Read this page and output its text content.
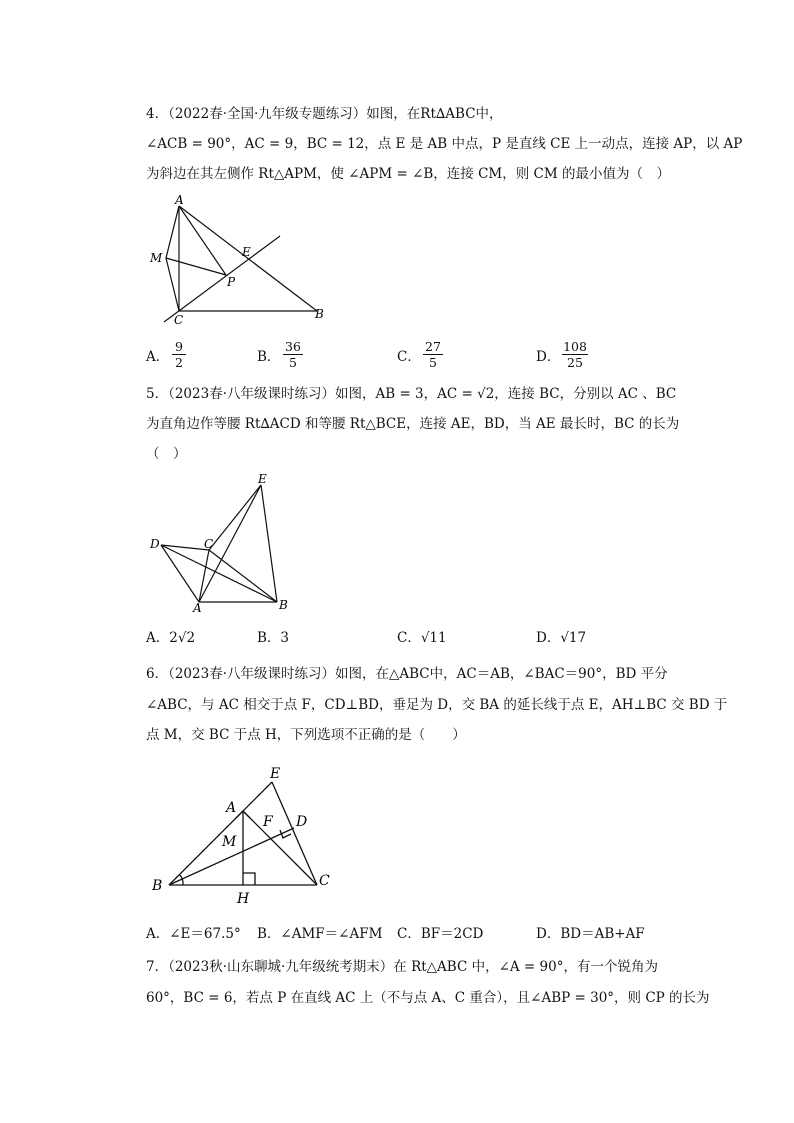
4．（2022春·全国·九年级专题练习）如图，在Rt∆ABC中，
∠ACB = 90°，AC = 9，BC = 12，点 E 是 AB 中点，P 是直线 CE 上一动点，连接 AP，以 AP
为斜边在其左侧作 Rt△APM，使 ∠APM = ∠B，连接 CM，则 CM 的最小值为（　）
A
M	E
P
C	B
A． $\frac{9}{2}$	B． $\frac{36}{5}$	C． $\frac{27}{5}$	D． $\frac{108}{25}$
5．（2023春·八年级课时练习）如图，AB = 3，AC = √2，连接 BC，分别以 AC 、BC
为直角边作等腰 Rt∆ACD 和等腰 Rt△BCE，连接 AE，BD，当 AE 最长时，BC 的长为
（　）
E
D	C
A	B
A．2√2	B．3	C．√11	D．√17
6．（2023春·八年级课时练习）如图，在△ABC中，AC＝AB，∠BAC＝90°，BD 平分
∠ABC，与 AC 相交于点 F，CD⊥BD，垂足为 D，交 BA 的延长线于点 E，AH⊥BC 交 BD 于
点 M，交 BC 于点 H，下列选项不正确的是（　　）
E
A
F D
M
B
H
C
A．∠E＝67.5° B．∠AMF＝∠AFM C．BF＝2CD	D．BD＝AB+AF
7．（2023秋·山东聊城·九年级统考期末）在 Rt△ABC 中，∠A = 90°，有一个锐角为
60°，BC = 6，若点 P 在直线 AC 上（不与点 A、C 重合），且∠ABP = 30°，则 CP 的长为
